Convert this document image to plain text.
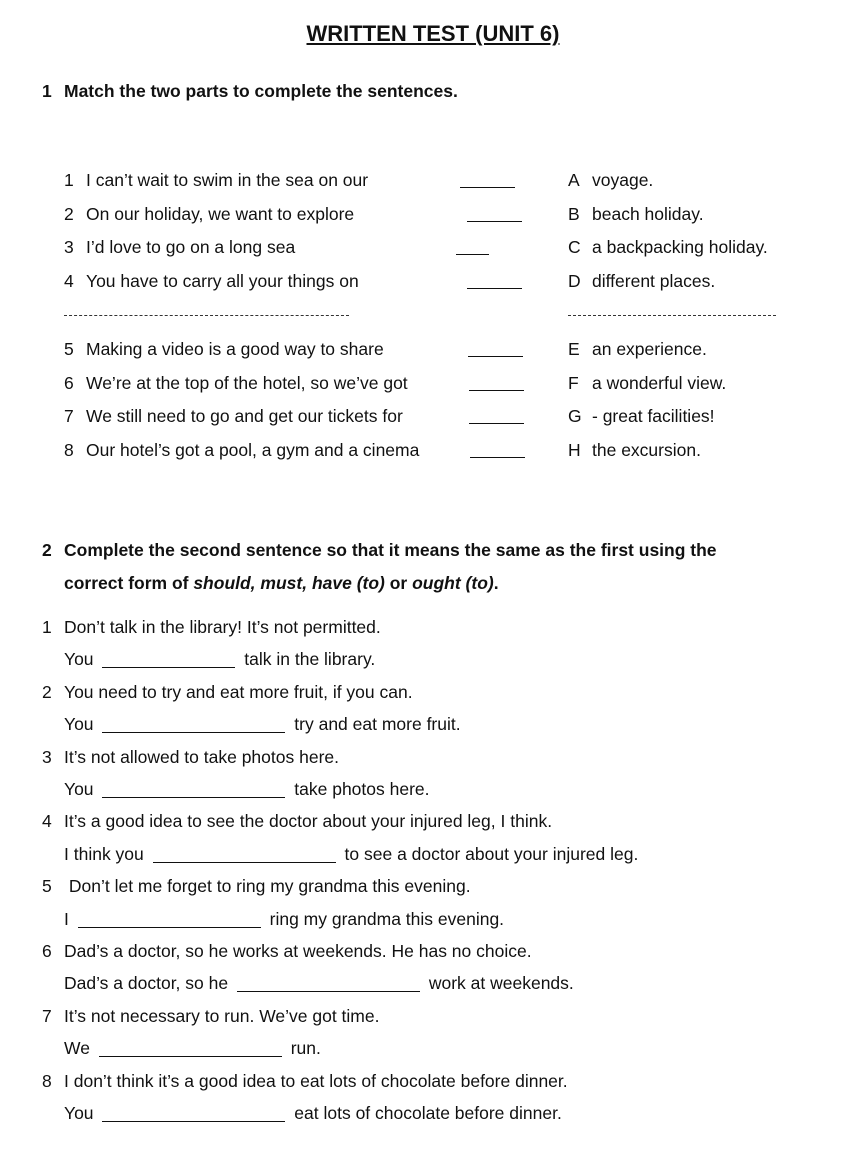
WRITTEN TEST (UNIT 6)
1 Match the two parts to complete the sentences.
1 I can’t wait to swim in the sea on our	A voyage.
2 On our holiday, we want to explore	B beach holiday.
3 I’d love to go on a long sea	C a backpacking holiday.
4 You have to carry all your things on	D different places.
5 Making a video is a good way to share	E an experience.
6 We’re at the top of the hotel, so we’ve got	F a wonderful view.
7 We still need to go and get our tickets for	G - great facilities!
8 Our hotel’s got a pool, a gym and a cinema	H the excursion.
2 Complete the second sentence so that it means the same as the first using the
correct form of should, must, have (to) or ought (to).
1 Don’t talk in the library! It’s not permitted.
You	talk in the library.
2 You need to try and eat more fruit, if you can.
You	try and eat more fruit.
3 It’s not allowed to take photos here.
You	take photos here.
4 It’s a good idea to see the doctor about your injured leg, I think.
I think you	to see a doctor about your injured leg.
5 Don’t let me forget to ring my grandma this evening.
I	ring my grandma this evening.
6 Dad’s a doctor, so he works at weekends. He has no choice.
Dad’s a doctor, so he	work at weekends.
7 It’s not necessary to run. We’ve got time.
We	run.
8 I don’t think it’s a good idea to eat lots of chocolate before dinner.
You	eat lots of chocolate before dinner.
